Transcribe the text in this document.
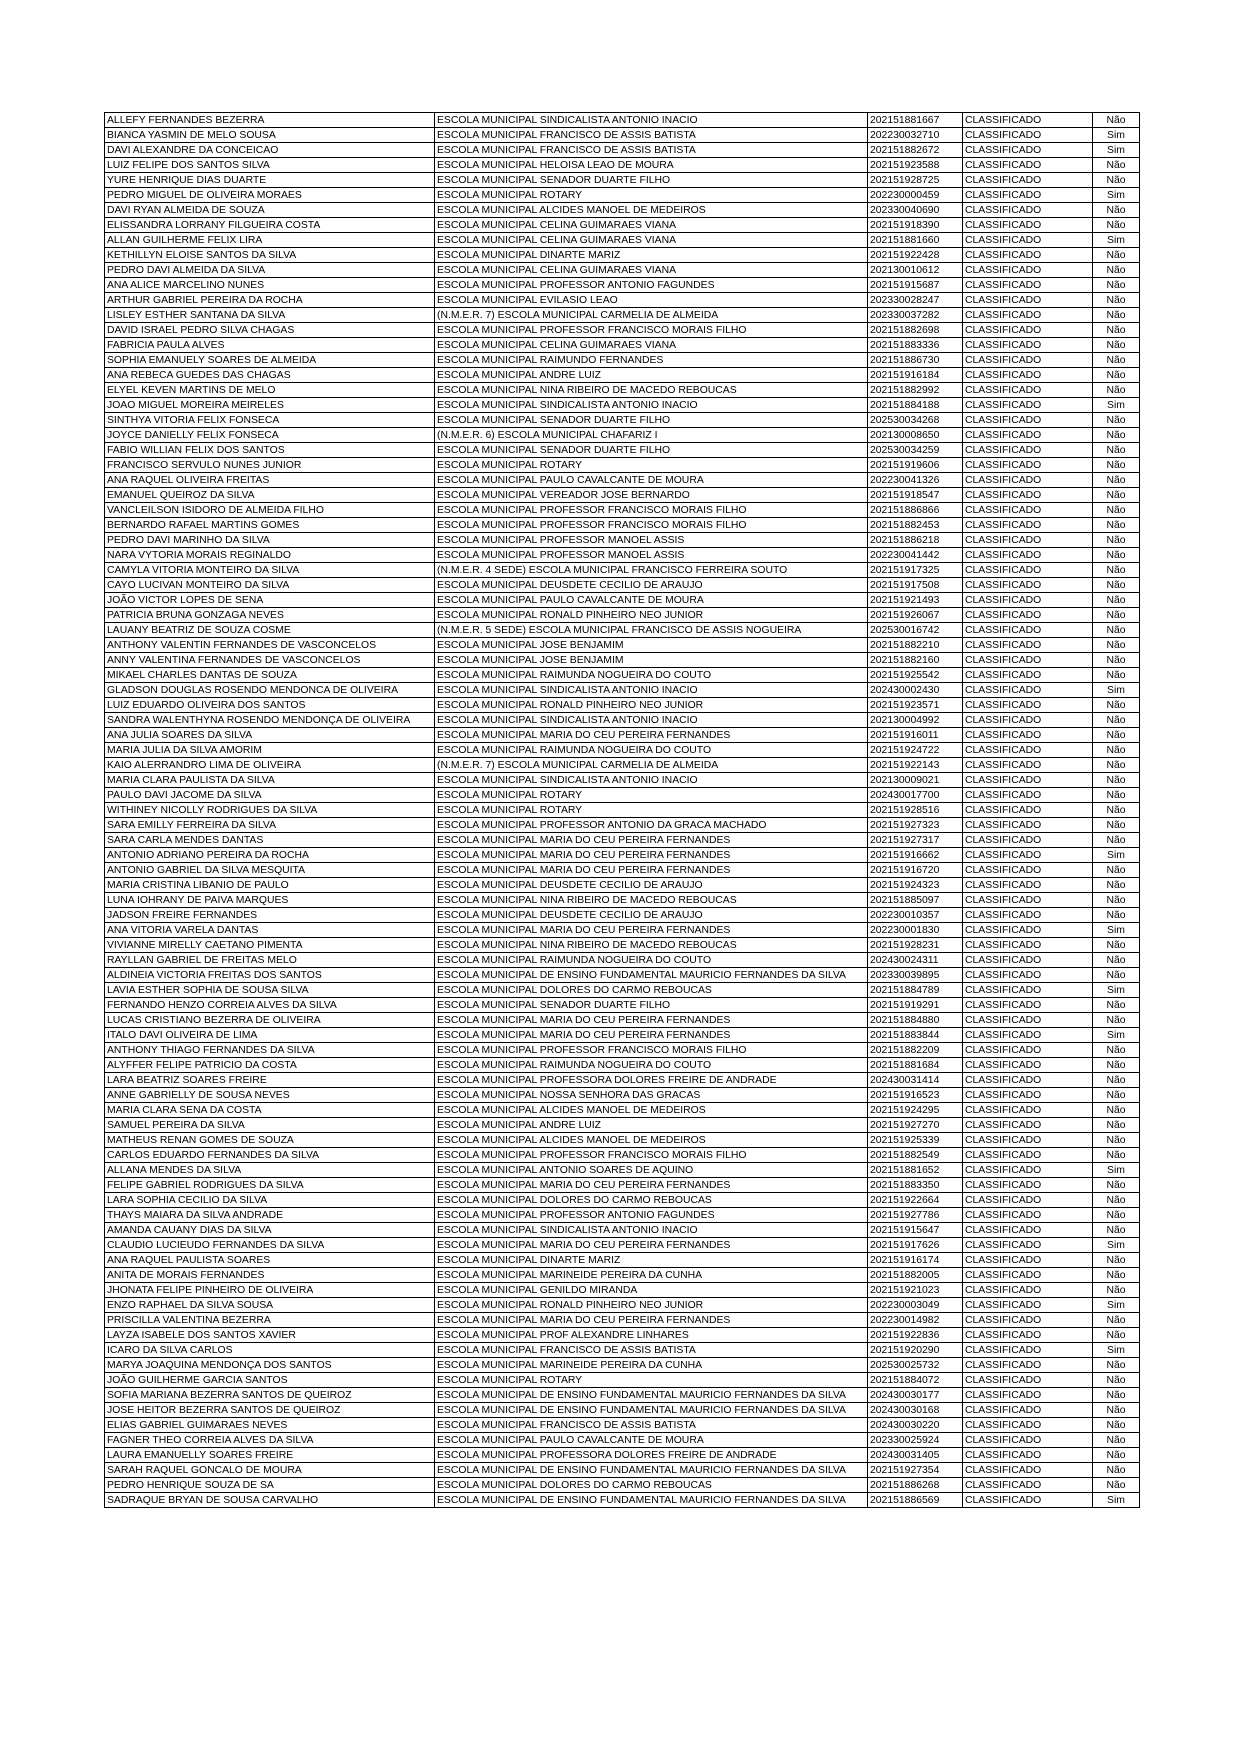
ALLEFY FERNANDES BEZERRA	ESCOLA MUNICIPAL SINDICALISTA ANTONIO INACIO	202151881667	CLASSIFICADO	Não
BIANCA YASMIN DE MELO SOUSA	ESCOLA MUNICIPAL FRANCISCO DE ASSIS BATISTA	202230032710	CLASSIFICADO	Sim
DAVI ALEXANDRE DA CONCEICAO	ESCOLA MUNICIPAL FRANCISCO DE ASSIS BATISTA	202151882672	CLASSIFICADO	Sim
LUIZ FELIPE DOS SANTOS SILVA	ESCOLA MUNICIPAL HELOISA LEAO DE MOURA	202151923588	CLASSIFICADO	Não
YURE HENRIQUE DIAS DUARTE	ESCOLA MUNICIPAL SENADOR DUARTE FILHO	202151928725	CLASSIFICADO	Não
PEDRO MIGUEL DE OLIVEIRA MORAES	ESCOLA MUNICIPAL ROTARY	202230000459	CLASSIFICADO	Sim
DAVI RYAN ALMEIDA DE SOUZA	ESCOLA MUNICIPAL ALCIDES MANOEL DE MEDEIROS	202330040690	CLASSIFICADO	Não
ELISSANDRA LORRANY FILGUEIRA COSTA	ESCOLA MUNICIPAL CELINA GUIMARAES VIANA	202151918390	CLASSIFICADO	Não
ALLAN GUILHERME FELIX LIRA	ESCOLA MUNICIPAL CELINA GUIMARAES VIANA	202151881660	CLASSIFICADO	Sim
KETHILLYN ELOISE SANTOS DA SILVA	ESCOLA MUNICIPAL DINARTE MARIZ	202151922428	CLASSIFICADO	Não
PEDRO DAVI ALMEIDA DA SILVA	ESCOLA MUNICIPAL CELINA GUIMARAES VIANA	202130010612	CLASSIFICADO	Não
ANA ALICE MARCELINO NUNES	ESCOLA MUNICIPAL PROFESSOR ANTONIO FAGUNDES	202151915687	CLASSIFICADO	Não
ARTHUR GABRIEL PEREIRA DA ROCHA	ESCOLA MUNICIPAL EVILASIO LEAO	202330028247	CLASSIFICADO	Não
LISLEY ESTHER SANTANA DA SILVA	(N.M.E.R. 7) ESCOLA MUNICIPAL CARMELIA DE ALMEIDA	202330037282	CLASSIFICADO	Não
DAVID ISRAEL PEDRO SILVA CHAGAS	ESCOLA MUNICIPAL PROFESSOR FRANCISCO MORAIS FILHO	202151882698	CLASSIFICADO	Não
FABRICIA PAULA ALVES	ESCOLA MUNICIPAL CELINA GUIMARAES VIANA	202151883336	CLASSIFICADO	Não
SOPHIA EMANUELY SOARES DE ALMEIDA	ESCOLA MUNICIPAL RAIMUNDO FERNANDES	202151886730	CLASSIFICADO	Não
ANA REBECA GUEDES DAS CHAGAS	ESCOLA MUNICIPAL ANDRE LUIZ	202151916184	CLASSIFICADO	Não
ELYEL KEVEN MARTINS DE MELO	ESCOLA MUNICIPAL NINA RIBEIRO DE MACEDO REBOUCAS	202151882992	CLASSIFICADO	Não
JOAO MIGUEL MOREIRA MEIRELES	ESCOLA MUNICIPAL SINDICALISTA ANTONIO INACIO	202151884188	CLASSIFICADO	Sim
SINTHYA VITORIA FELIX FONSECA	ESCOLA MUNICIPAL SENADOR DUARTE FILHO	202530034268	CLASSIFICADO	Não
JOYCE DANIELLY FELIX FONSECA	(N.M.E.R. 6) ESCOLA MUNICIPAL CHAFARIZ I	202130008650	CLASSIFICADO	Não
FABIO WILLIAN FELIX DOS SANTOS	ESCOLA MUNICIPAL SENADOR DUARTE FILHO	202530034259	CLASSIFICADO	Não
FRANCISCO SERVULO NUNES JUNIOR	ESCOLA MUNICIPAL ROTARY	202151919606	CLASSIFICADO	Não
ANA RAQUEL OLIVEIRA FREITAS	ESCOLA MUNICIPAL PAULO CAVALCANTE DE MOURA	202230041326	CLASSIFICADO	Não
EMANUEL QUEIROZ DA SILVA	ESCOLA MUNICIPAL VEREADOR JOSE BERNARDO	202151918547	CLASSIFICADO	Não
VANCLEILSON ISIDORO DE ALMEIDA FILHO	ESCOLA MUNICIPAL PROFESSOR FRANCISCO MORAIS FILHO	202151886866	CLASSIFICADO	Não
BERNARDO RAFAEL MARTINS GOMES	ESCOLA MUNICIPAL PROFESSOR FRANCISCO MORAIS FILHO	202151882453	CLASSIFICADO	Não
PEDRO DAVI MARINHO DA SILVA	ESCOLA MUNICIPAL PROFESSOR MANOEL ASSIS	202151886218	CLASSIFICADO	Não
NARA VYTORIA MORAIS REGINALDO	ESCOLA MUNICIPAL PROFESSOR MANOEL ASSIS	202230041442	CLASSIFICADO	Não
CAMYLA VITORIA MONTEIRO DA SILVA	(N.M.E.R. 4 SEDE) ESCOLA MUNICIPAL FRANCISCO FERREIRA SOUTO	202151917325	CLASSIFICADO	Não
CAYO LUCIVAN MONTEIRO DA SILVA	ESCOLA MUNICIPAL DEUSDETE CECILIO DE ARAUJO	202151917508	CLASSIFICADO	Não
JOÃO VICTOR LOPES DE SENA	ESCOLA MUNICIPAL PAULO CAVALCANTE DE MOURA	202151921493	CLASSIFICADO	Não
PATRICIA BRUNA GONZAGA NEVES	ESCOLA MUNICIPAL RONALD PINHEIRO NEO JUNIOR	202151926067	CLASSIFICADO	Não
LAUANY BEATRIZ DE SOUZA COSME	(N.M.E.R. 5 SEDE) ESCOLA MUNICIPAL FRANCISCO DE ASSIS NOGUEIRA	202530016742	CLASSIFICADO	Não
ANTHONY VALENTIN FERNANDES DE VASCONCELOS	ESCOLA MUNICIPAL JOSE BENJAMIM	202151882210	CLASSIFICADO	Não
ANNY VALENTINA FERNANDES DE VASCONCELOS	ESCOLA MUNICIPAL JOSE BENJAMIM	202151882160	CLASSIFICADO	Não
MIKAEL CHARLES DANTAS DE SOUZA	ESCOLA MUNICIPAL RAIMUNDA NOGUEIRA DO COUTO	202151925542	CLASSIFICADO	Não
GLADSON DOUGLAS ROSENDO MENDONCA DE OLIVEIRA	ESCOLA MUNICIPAL SINDICALISTA ANTONIO INACIO	202430002430	CLASSIFICADO	Sim
LUIZ EDUARDO OLIVEIRA DOS SANTOS	ESCOLA MUNICIPAL RONALD PINHEIRO NEO JUNIOR	202151923571	CLASSIFICADO	Não
SANDRA WALENTHYNA ROSENDO MENDONÇA DE OLIVEIRA	ESCOLA MUNICIPAL SINDICALISTA ANTONIO INACIO	202130004992	CLASSIFICADO	Não
ANA JULIA SOARES DA SILVA	ESCOLA MUNICIPAL MARIA DO CEU PEREIRA FERNANDES	202151916011	CLASSIFICADO	Não
MARIA JULIA DA SILVA AMORIM	ESCOLA MUNICIPAL RAIMUNDA NOGUEIRA DO COUTO	202151924722	CLASSIFICADO	Não
KAIO ALERRANDRO LIMA DE OLIVEIRA	(N.M.E.R. 7) ESCOLA MUNICIPAL CARMELIA DE ALMEIDA	202151922143	CLASSIFICADO	Não
MARIA CLARA PAULISTA DA SILVA	ESCOLA MUNICIPAL SINDICALISTA ANTONIO INACIO	202130009021	CLASSIFICADO	Não
PAULO DAVI JACOME DA SILVA	ESCOLA MUNICIPAL ROTARY	202430017700	CLASSIFICADO	Não
WITHINEY NICOLLY RODRIGUES DA SILVA	ESCOLA MUNICIPAL ROTARY	202151928516	CLASSIFICADO	Não
SARA EMILLY FERREIRA DA SILVA	ESCOLA MUNICIPAL PROFESSOR ANTONIO DA GRACA MACHADO	202151927323	CLASSIFICADO	Não
SARA CARLA MENDES DANTAS	ESCOLA MUNICIPAL MARIA DO CEU PEREIRA FERNANDES	202151927317	CLASSIFICADO	Não
ANTONIO ADRIANO PEREIRA DA ROCHA	ESCOLA MUNICIPAL MARIA DO CEU PEREIRA FERNANDES	202151916662	CLASSIFICADO	Sim
ANTONIO GABRIEL DA SILVA MESQUITA	ESCOLA MUNICIPAL MARIA DO CEU PEREIRA FERNANDES	202151916720	CLASSIFICADO	Não
MARIA CRISTINA LIBANIO DE PAULO	ESCOLA MUNICIPAL DEUSDETE CECILIO DE ARAUJO	202151924323	CLASSIFICADO	Não
LUNA IOHRANY DE PAIVA MARQUES	ESCOLA MUNICIPAL NINA RIBEIRO DE MACEDO REBOUCAS	202151885097	CLASSIFICADO	Não
JADSON FREIRE FERNANDES	ESCOLA MUNICIPAL DEUSDETE CECILIO DE ARAUJO	202230010357	CLASSIFICADO	Não
ANA VITORIA VARELA DANTAS	ESCOLA MUNICIPAL MARIA DO CEU PEREIRA FERNANDES	202230001830	CLASSIFICADO	Sim
VIVIANNE MIRELLY CAETANO PIMENTA	ESCOLA MUNICIPAL NINA RIBEIRO DE MACEDO REBOUCAS	202151928231	CLASSIFICADO	Não
RAYLLAN GABRIEL DE FREITAS MELO	ESCOLA MUNICIPAL RAIMUNDA NOGUEIRA DO COUTO	202430024311	CLASSIFICADO	Não
ALDINEIA VICTORIA FREITAS DOS SANTOS	ESCOLA MUNICIPAL DE ENSINO FUNDAMENTAL MAURICIO FERNANDES DA SILVA	202330039895	CLASSIFICADO	Não
LAVIA ESTHER SOPHIA DE SOUSA SILVA	ESCOLA MUNICIPAL DOLORES DO CARMO REBOUCAS	202151884789	CLASSIFICADO	Sim
FERNANDO HENZO CORREIA ALVES DA SILVA	ESCOLA MUNICIPAL SENADOR DUARTE FILHO	202151919291	CLASSIFICADO	Não
LUCAS CRISTIANO BEZERRA DE OLIVEIRA	ESCOLA MUNICIPAL MARIA DO CEU PEREIRA FERNANDES	202151884880	CLASSIFICADO	Não
ITALO DAVI OLIVEIRA DE LIMA	ESCOLA MUNICIPAL MARIA DO CEU PEREIRA FERNANDES	202151883844	CLASSIFICADO	Sim
ANTHONY THIAGO FERNANDES DA SILVA	ESCOLA MUNICIPAL PROFESSOR FRANCISCO MORAIS FILHO	202151882209	CLASSIFICADO	Não
ALYFFER FELIPE PATRICIO DA COSTA	ESCOLA MUNICIPAL RAIMUNDA NOGUEIRA DO COUTO	202151881684	CLASSIFICADO	Não
LARA BEATRIZ SOARES FREIRE	ESCOLA MUNICIPAL PROFESSORA DOLORES FREIRE DE ANDRADE	202430031414	CLASSIFICADO	Não
ANNE GABRIELLY DE SOUSA NEVES	ESCOLA MUNICIPAL NOSSA SENHORA DAS GRACAS	202151916523	CLASSIFICADO	Não
MARIA CLARA SENA DA COSTA	ESCOLA MUNICIPAL ALCIDES MANOEL DE MEDEIROS	202151924295	CLASSIFICADO	Não
SAMUEL PEREIRA DA SILVA	ESCOLA MUNICIPAL ANDRE LUIZ	202151927270	CLASSIFICADO	Não
MATHEUS RENAN GOMES DE SOUZA	ESCOLA MUNICIPAL ALCIDES MANOEL DE MEDEIROS	202151925339	CLASSIFICADO	Não
CARLOS EDUARDO FERNANDES DA SILVA	ESCOLA MUNICIPAL PROFESSOR FRANCISCO MORAIS FILHO	202151882549	CLASSIFICADO	Não
ALLANA MENDES DA SILVA	ESCOLA MUNICIPAL ANTONIO SOARES DE AQUINO	202151881652	CLASSIFICADO	Sim
FELIPE GABRIEL RODRIGUES DA SILVA	ESCOLA MUNICIPAL MARIA DO CEU PEREIRA FERNANDES	202151883350	CLASSIFICADO	Não
LARA SOPHIA CECILIO DA SILVA	ESCOLA MUNICIPAL DOLORES DO CARMO REBOUCAS	202151922664	CLASSIFICADO	Não
THAYS MAIARA DA SILVA ANDRADE	ESCOLA MUNICIPAL PROFESSOR ANTONIO FAGUNDES	202151927786	CLASSIFICADO	Não
AMANDA CAUANY DIAS DA SILVA	ESCOLA MUNICIPAL SINDICALISTA ANTONIO INACIO	202151915647	CLASSIFICADO	Não
CLAUDIO LUCIEUDO FERNANDES DA SILVA	ESCOLA MUNICIPAL MARIA DO CEU PEREIRA FERNANDES	202151917626	CLASSIFICADO	Sim
ANA RAQUEL PAULISTA SOARES	ESCOLA MUNICIPAL DINARTE MARIZ	202151916174	CLASSIFICADO	Não
ANITA DE MORAIS FERNANDES	ESCOLA MUNICIPAL MARINEIDE PEREIRA DA CUNHA	202151882005	CLASSIFICADO	Não
JHONATA FELIPE PINHEIRO DE OLIVEIRA	ESCOLA MUNICIPAL GENILDO MIRANDA	202151921023	CLASSIFICADO	Não
ENZO RAPHAEL DA SILVA SOUSA	ESCOLA MUNICIPAL RONALD PINHEIRO NEO JUNIOR	202230003049	CLASSIFICADO	Sim
PRISCILLA VALENTINA BEZERRA	ESCOLA MUNICIPAL MARIA DO CEU PEREIRA FERNANDES	202230014982	CLASSIFICADO	Não
LAYZA ISABELE DOS SANTOS XAVIER	ESCOLA MUNICIPAL PROF ALEXANDRE LINHARES	202151922836	CLASSIFICADO	Não
ICARO DA SILVA CARLOS	ESCOLA MUNICIPAL FRANCISCO DE ASSIS BATISTA	202151920290	CLASSIFICADO	Sim
MARYA JOAQUINA MENDONÇA DOS SANTOS	ESCOLA MUNICIPAL MARINEIDE PEREIRA DA CUNHA	202530025732	CLASSIFICADO	Não
JOÃO GUILHERME GARCIA SANTOS	ESCOLA MUNICIPAL ROTARY	202151884072	CLASSIFICADO	Não
SOFIA MARIANA BEZERRA SANTOS DE QUEIROZ	ESCOLA MUNICIPAL DE ENSINO FUNDAMENTAL MAURICIO FERNANDES DA SILVA	202430030177	CLASSIFICADO	Não
JOSE HEITOR BEZERRA SANTOS DE QUEIROZ	ESCOLA MUNICIPAL DE ENSINO FUNDAMENTAL MAURICIO FERNANDES DA SILVA	202430030168	CLASSIFICADO	Não
ELIAS GABRIEL GUIMARAES NEVES	ESCOLA MUNICIPAL FRANCISCO DE ASSIS BATISTA	202430030220	CLASSIFICADO	Não
FAGNER THEO CORREIA ALVES DA SILVA	ESCOLA MUNICIPAL PAULO CAVALCANTE DE MOURA	202330025924	CLASSIFICADO	Não
LAURA EMANUELLY SOARES FREIRE	ESCOLA MUNICIPAL PROFESSORA DOLORES FREIRE DE ANDRADE	202430031405	CLASSIFICADO	Não
SARAH RAQUEL GONCALO DE MOURA	ESCOLA MUNICIPAL DE ENSINO FUNDAMENTAL MAURICIO FERNANDES DA SILVA	202151927354	CLASSIFICADO	Não
PEDRO HENRIQUE SOUZA DE SA	ESCOLA MUNICIPAL DOLORES DO CARMO REBOUCAS	202151886268	CLASSIFICADO	Não
SADRAQUE BRYAN DE SOUSA CARVALHO	ESCOLA MUNICIPAL DE ENSINO FUNDAMENTAL MAURICIO FERNANDES DA SILVA	202151886569	CLASSIFICADO	Sim
